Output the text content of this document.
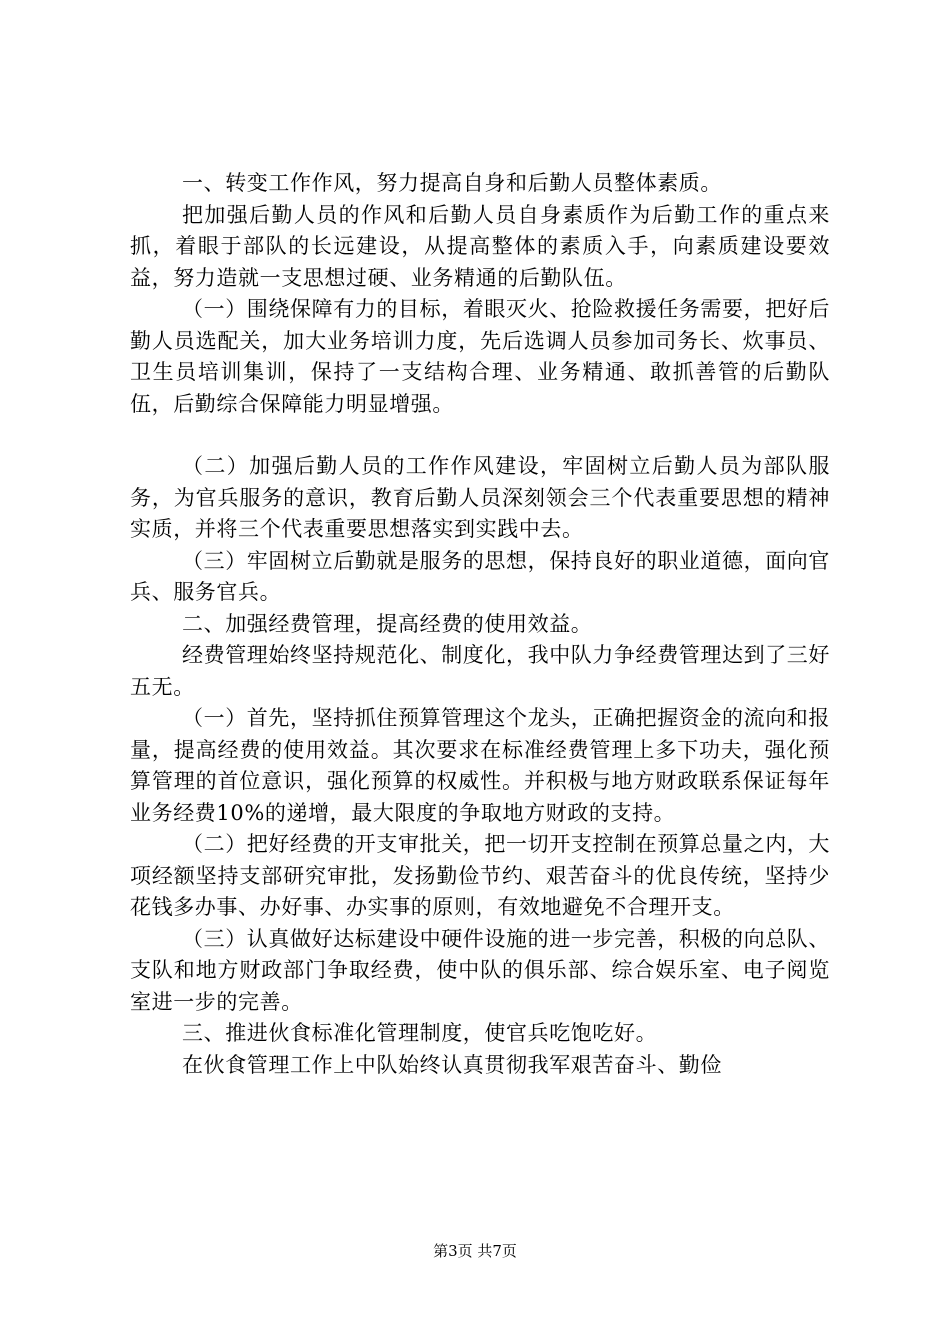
一、转变工作作风，努力提高自身和后勤人员整体素质。

把加强后勤人员的作风和后勤人员自身素质作为后勤工作的重点来抓，着眼于部队的长远建设，从提高整体的素质入手，向素质建设要效益，努力造就一支思想过硬、业务精通的后勤队伍。

（一）围绕保障有力的目标，着眼灭火、抢险救援任务需要，把好后勤人员选配关，加大业务培训力度，先后选调人员参加司务长、炊事员、卫生员培训集训，保持了一支结构合理、业务精通、敢抓善管的后勤队伍，后勤综合保障能力明显增强。

（二）加强后勤人员的工作作风建设，牢固树立后勤人员为部队服务，为官兵服务的意识，教育后勤人员深刻领会三个代表重要思想的精神实质，并将三个代表重要思想落实到实践中去。

（三）牢固树立后勤就是服务的思想，保持良好的职业道德，面向官兵、服务官兵。

二、加强经费管理，提高经费的使用效益。

经费管理始终坚持规范化、制度化，我中队力争经费管理达到了三好五无。

（一）首先，坚持抓住预算管理这个龙头，正确把握资金的流向和报量，提高经费的使用效益。其次要求在标准经费管理上多下功夫，强化预算管理的首位意识，强化预算的权威性。并积极与地方财政联系保证每年业务经费10%的递增，最大限度的争取地方财政的支持。

（二）把好经费的开支审批关，把一切开支控制在预算总量之内，大项经额坚持支部研究审批，发扬勤俭节约、艰苦奋斗的优良传统，坚持少花钱多办事、办好事、办实事的原则，有效地避免不合理开支。

（三）认真做好达标建设中硬件设施的进一步完善，积极的向总队、支队和地方财政部门争取经费，使中队的俱乐部、综合娱乐室、电子阅览室进一步的完善。

三、推进伙食标准化管理制度，使官兵吃饱吃好。

在伙食管理工作上中队始终认真贯彻我军艰苦奋斗、勤俭

第3页 共7页
